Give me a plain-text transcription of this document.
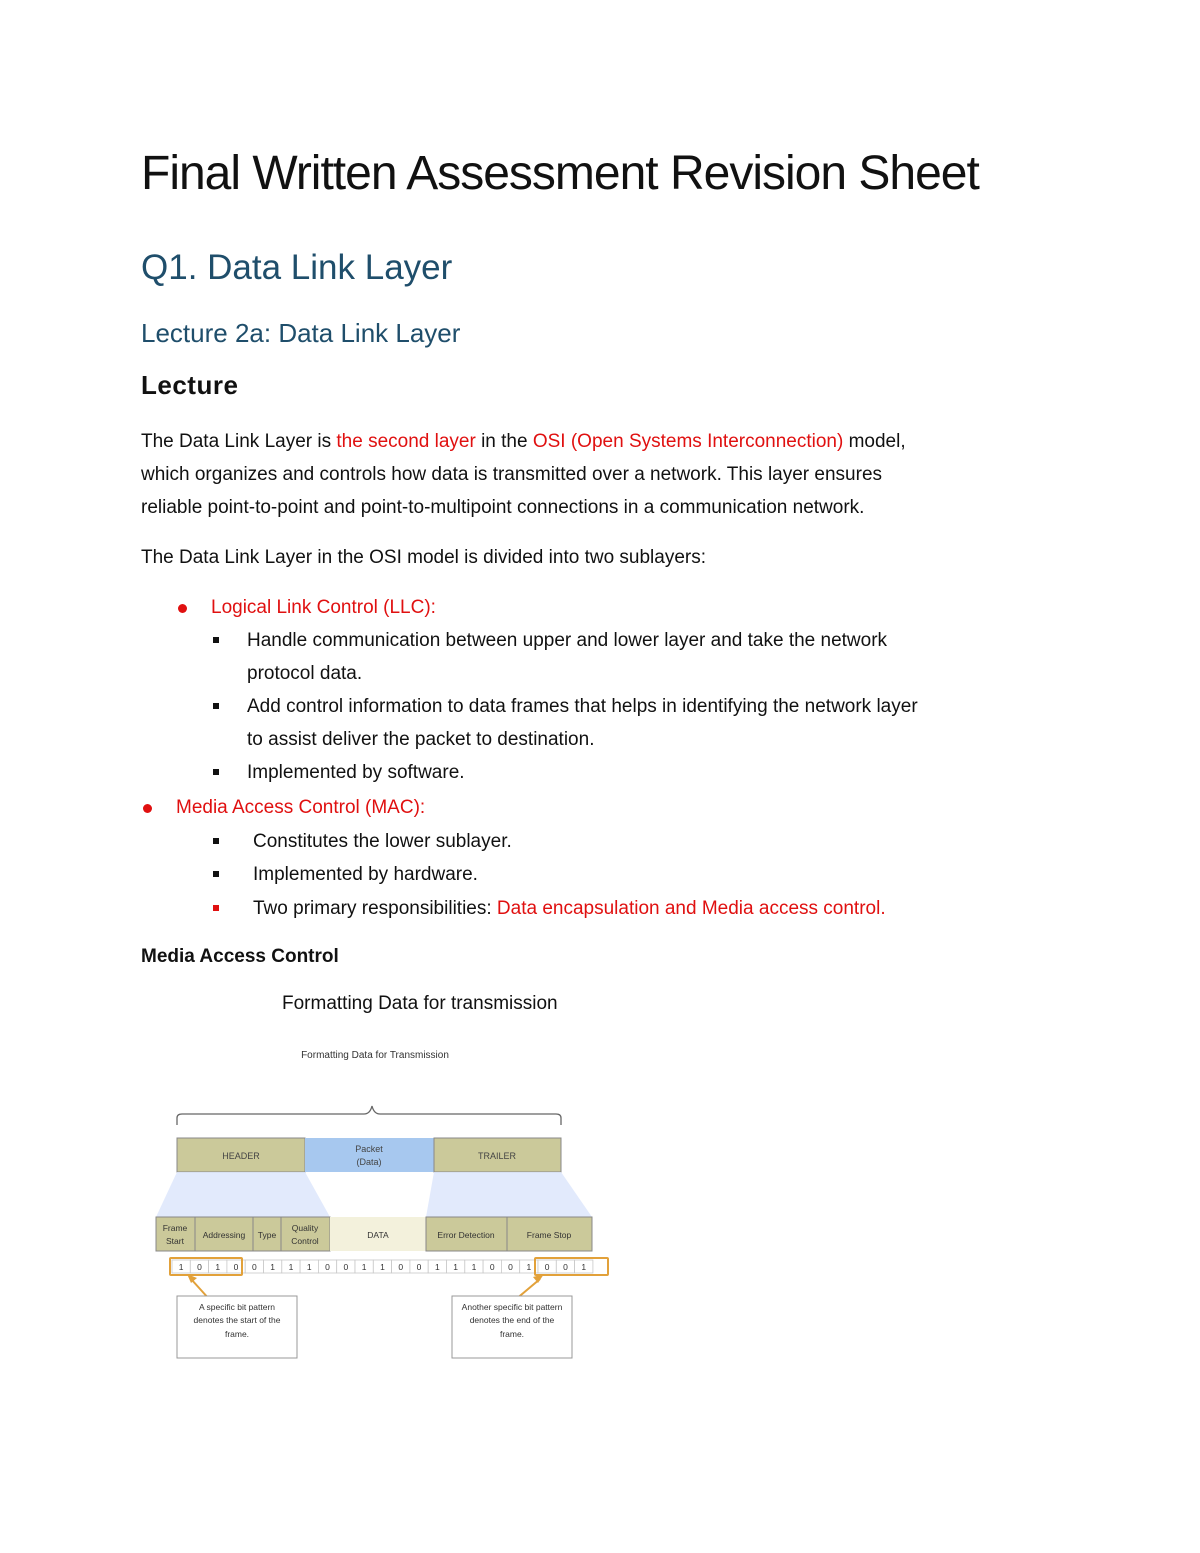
Final Written Assessment Revision Sheet
Q1. Data Link Layer
Lecture 2a: Data Link Layer
Lecture

The Data Link Layer is the second layer in the OSI (Open Systems Interconnection) model,
which organizes and controls how data is transmitted over a network. This layer ensures
reliable point-to-point and point-to-multipoint connections in a communication network.

The Data Link Layer in the OSI model is divided into two sublayers:

Logical Link Control (LLC):
Handle communication between upper and lower layer and take the network
protocol data.
Add control information to data frames that helps in identifying the network layer
to assist deliver the packet to destination.
Implemented by software.
Media Access Control (MAC):
Constitutes the lower sublayer.
Implemented by hardware.
Two primary responsibilities: Data encapsulation and Media access control.
Media Access Control

Formatting Data for transmission

Formatting Data for Transmission
HEADER
Packet
(Data)
TRAILER
Frame
Start
Addressing Type
Quality
Control
DATA	Error Detection	Frame Stop
1 0 1 0 0 1 1 1 0 0 1 1 0 0 1 1 1 0 0 1 0 0 1
A specific bit pattern
denotes the start of the
frame.
Another specific bit pattern
denotes the end of the
frame.
